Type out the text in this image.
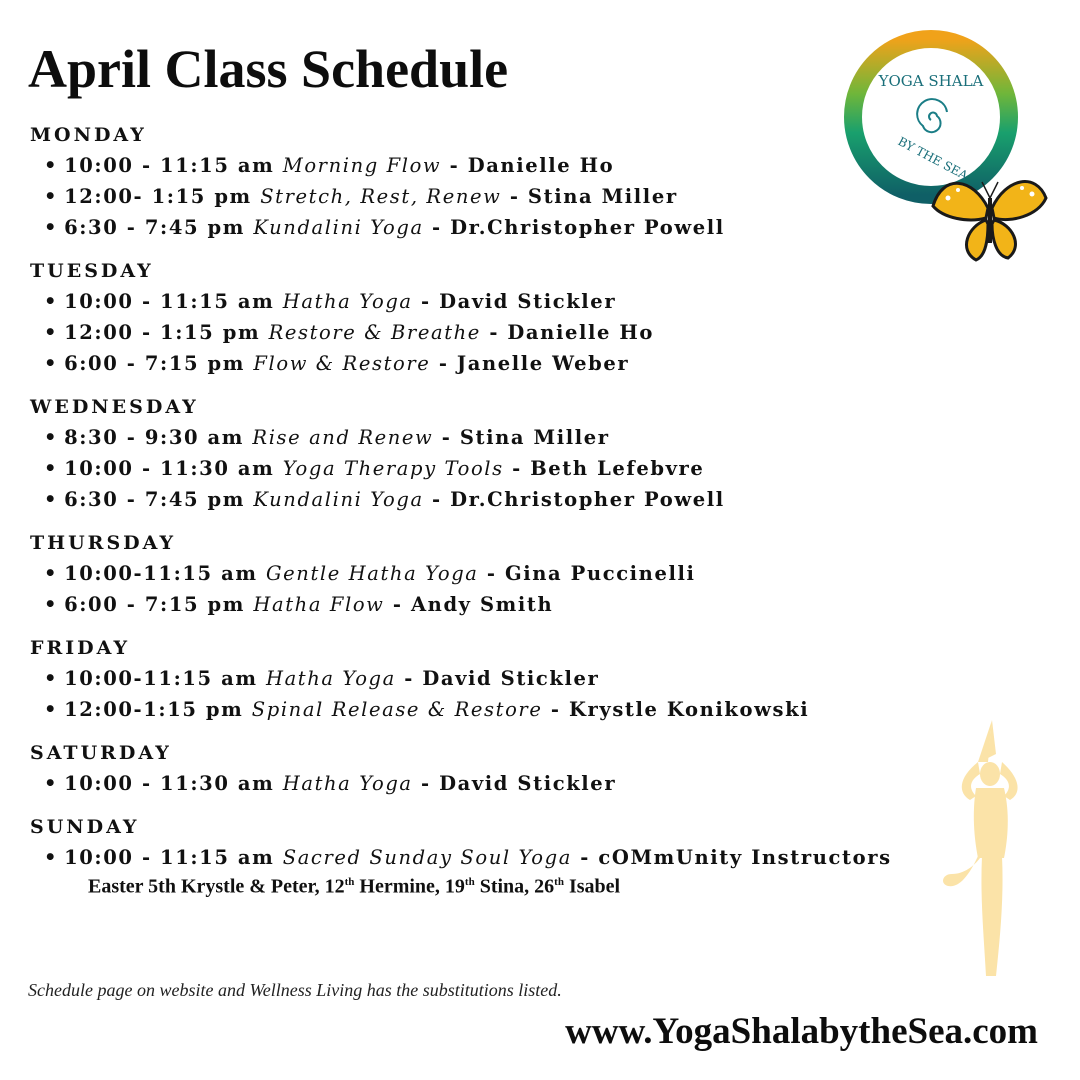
April Class Schedule	YOGA SHALA
BY THE SEA
MONDAY
• 10:00 - 11:15 am Morning Flow - Danielle Ho
• 12:00- 1:15 pm Stretch, Rest, Renew - Stina Miller
• 6:30 - 7:45 pm Kundalini Yoga - Dr.Christopher Powell
TUESDAY
• 10:00 - 11:15 am Hatha Yoga - David Stickler
• 12:00 - 1:15 pm Restore & Breathe - Danielle Ho
• 6:00 - 7:15 pm Flow & Restore - Janelle Weber
WEDNESDAY
• 8:30 - 9:30 am Rise and Renew - Stina Miller
• 10:00 - 11:30 am Yoga Therapy Tools - Beth Lefebvre
• 6:30 - 7:45 pm Kundalini Yoga - Dr.Christopher Powell
THURSDAY
• 10:00-11:15 am Gentle Hatha Yoga - Gina Puccinelli
• 6:00 - 7:15 pm Hatha Flow - Andy Smith
FRIDAY
• 10:00-11:15 am Hatha Yoga - David Stickler
• 12:00-1:15 pm Spinal Release & Restore - Krystle Konikowski
SATURDAY
• 10:00 - 11:30 am Hatha Yoga - David Stickler
SUNDAY
• 10:00 - 11:15 am Sacred Sunday Soul Yoga - cOMmUnity Instructors
Easter 5th Krystle & Peter, 12th Hermine, 19th Stina, 26th Isabel
Schedule page on website and Wellness Living has the substitutions listed.
www.YogaShalabytheSea.com
